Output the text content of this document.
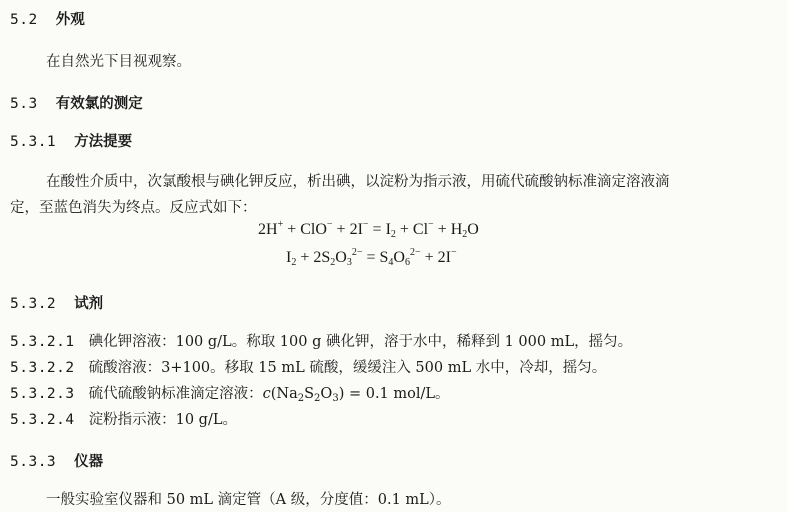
5.2 外观
在自然光下目视观察。
5.3 有效氯的测定
5.3.1 方法提要
在酸性介质中，次氯酸根与碘化钾反应，析出碘，以淀粉为指示液，用硫代硫酸钠标准滴定溶液滴
定，至蓝色消失为终点。反应式如下：
$2H^+ + ClO^- + 2I^- = I_2 + Cl^- + H_2O$
$I_2 + 2S_2O_3^{2-} = S_4O_6^{2-} + 2I^-$
5.3.2 试剂
5.3.2.1 碘化钾溶液：100 g/L。称取 100 g 碘化钾，溶于水中，稀释到 1 000 mL，摇匀。
5.3.2.2 硫酸溶液：3+100。移取 15 mL 硫酸，缓缓注入 500 mL 水中，冷却，摇匀。
5.3.2.3 硫代硫酸钠标准滴定溶液：$c(Na_2S_2O_3) = 0.1$ mol/L。
5.3.2.4 淀粉指示液：10 g/L。
5.3.3 仪器
一般实验室仪器和 50 mL 滴定管（A 级，分度值：0.1 mL）。
